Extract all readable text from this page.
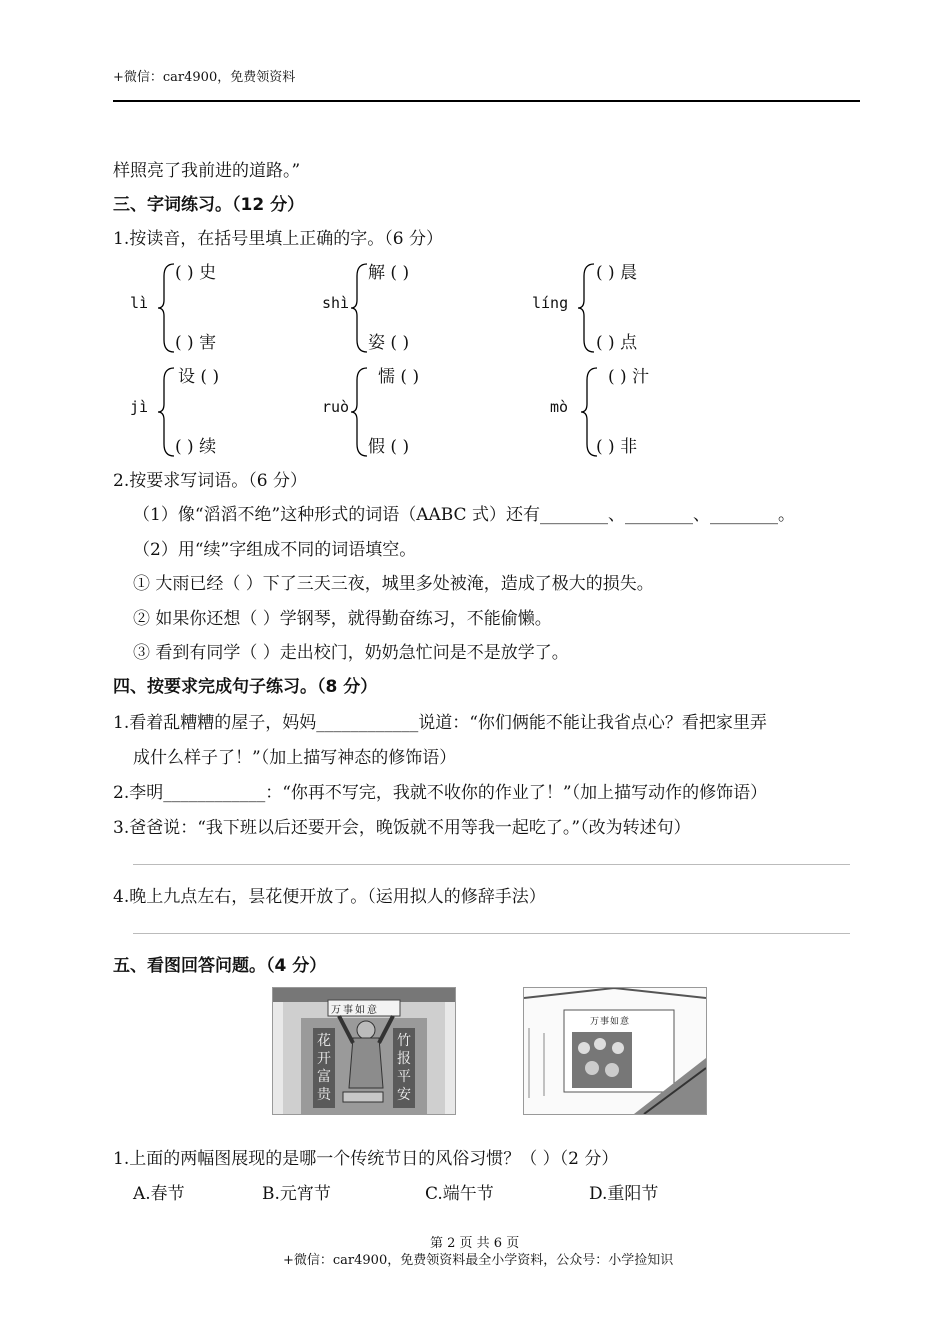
+微信：car4900，免费领资料
样照亮了我前进的道路。”
三、字词练习。（12 分）
1.按读音，在括号里填上正确的字。（6 分）
lì
( ) 史
( ) 害
shì
解 ( )
姿 ( )
líng
( ) 晨
( ) 点
jì
设 ( )
( ) 续
ruò
懦 ( )
假 ( )
mò
( ) 汁
( ) 非
2.按要求写词语。（6 分）
（1）像“滔滔不绝”这种形式的词语（AABC 式）还有________、________、________。
（2）用“续”字组成不同的词语填空。
① 大雨已经（ ）下了三天三夜，城里多处被淹，造成了极大的损失。
② 如果你还想（ ）学钢琴，就得勤奋练习，不能偷懒。
③ 看到有同学（ ）走出校门，奶奶急忙问是不是放学了。
四、按要求完成句子练习。（8 分）
1.看着乱糟糟的屋子，妈妈____________说道：“你们俩能不能让我省点心？看把家里弄
成什么样子了！”（加上描写神态的修饰语）
2.李明____________：“你再不写完，我就不收你的作业了！”（加上描写动作的修饰语）
3.爸爸说：“我下班以后还要开会，晚饭就不用等我一起吃了。”（改为转述句）
4.晚上九点左右，昙花便开放了。（运用拟人的修辞手法）
五、看图回答问题。（4 分）
万事如意
花开富贵
竹报平安
万事如意
1.上面的两幅图展现的是哪一个传统节日的风俗习惯？（ ）（2 分）
A.春节	B.元宵节	C.端午节	D.重阳节
第 2 页 共 6 页
+微信：car4900，免费领资料最全小学资料，公众号：小学捡知识
